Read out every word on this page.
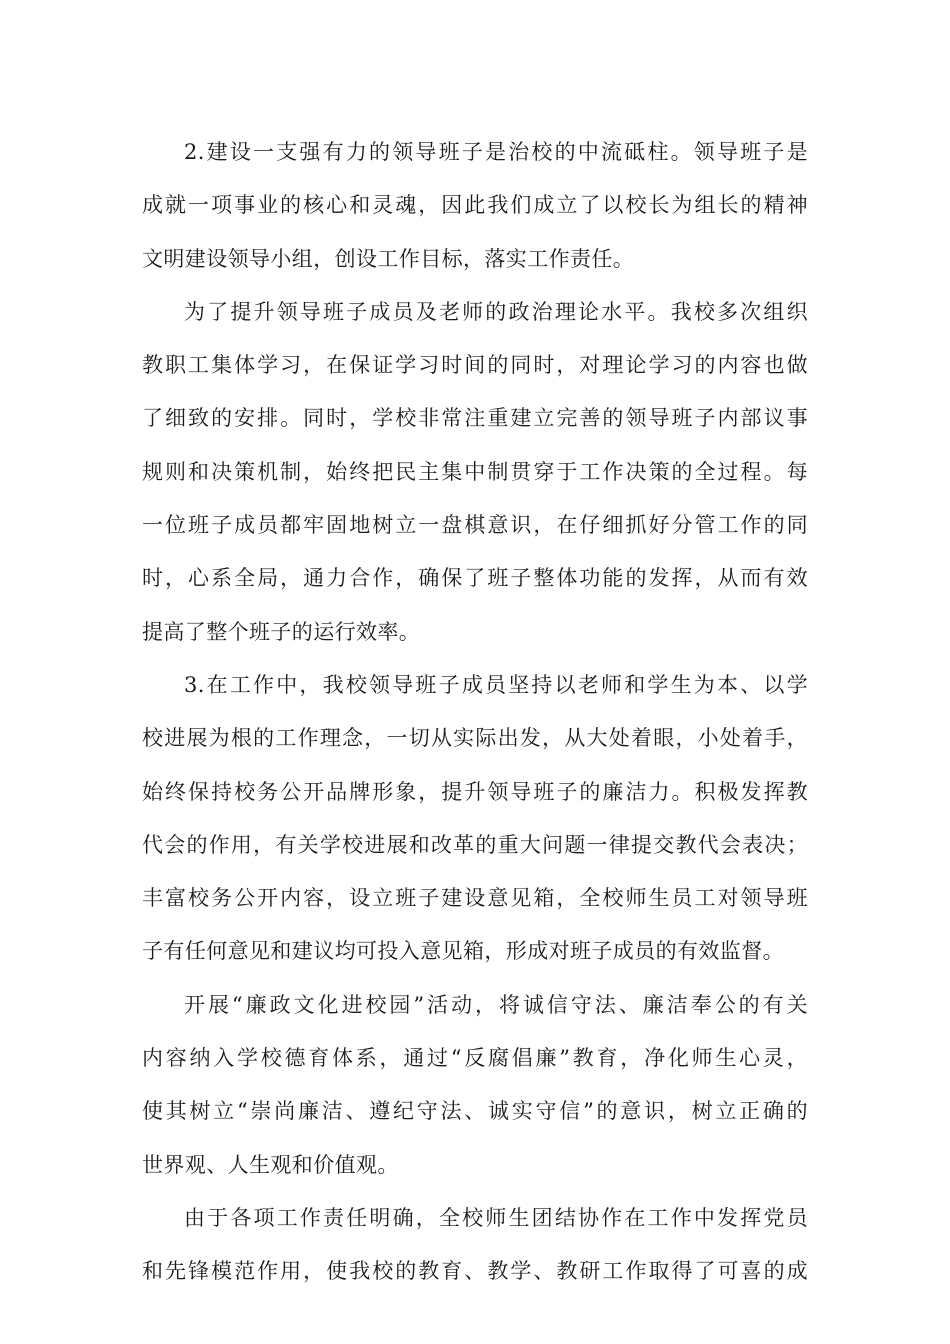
2.建设一支强有力的领导班子是治校的中流砥柱。领导班子是
成就一项事业的核心和灵魂，因此我们成立了以校长为组长的精神
文明建设领导小组，创设工作目标，落实工作责任。
为了提升领导班子成员及老师的政治理论水平。我校多次组织
教职工集体学习，在保证学习时间的同时，对理论学习的内容也做
了细致的安排。同时，学校非常注重建立完善的领导班子内部议事
规则和决策机制，始终把民主集中制贯穿于工作决策的全过程。每
一位班子成员都牢固地树立一盘棋意识，在仔细抓好分管工作的同
时，心系全局，通力合作，确保了班子整体功能的发挥，从而有效
提高了整个班子的运行效率。
3.在工作中，我校领导班子成员坚持以老师和学生为本、以学
校进展为根的工作理念，一切从实际出发，从大处着眼，小处着手，
始终保持校务公开品牌形象，提升领导班子的廉洁力。积极发挥教
代会的作用，有关学校进展和改革的重大问题一律提交教代会表决；
丰富校务公开内容，设立班子建设意见箱，全校师生员工对领导班
子有任何意见和建议均可投入意见箱，形成对班子成员的有效监督。
开展“廉政文化进校园”活动，将诚信守法、廉洁奉公的有关
内容纳入学校德育体系，通过“反腐倡廉”教育，净化师生心灵，
使其树立“崇尚廉洁、遵纪守法、诚实守信”的意识，树立正确的
世界观、人生观和价值观。
由于各项工作责任明确，全校师生团结协作在工作中发挥党员
和先锋模范作用，使我校的教育、教学、教研工作取得了可喜的成
